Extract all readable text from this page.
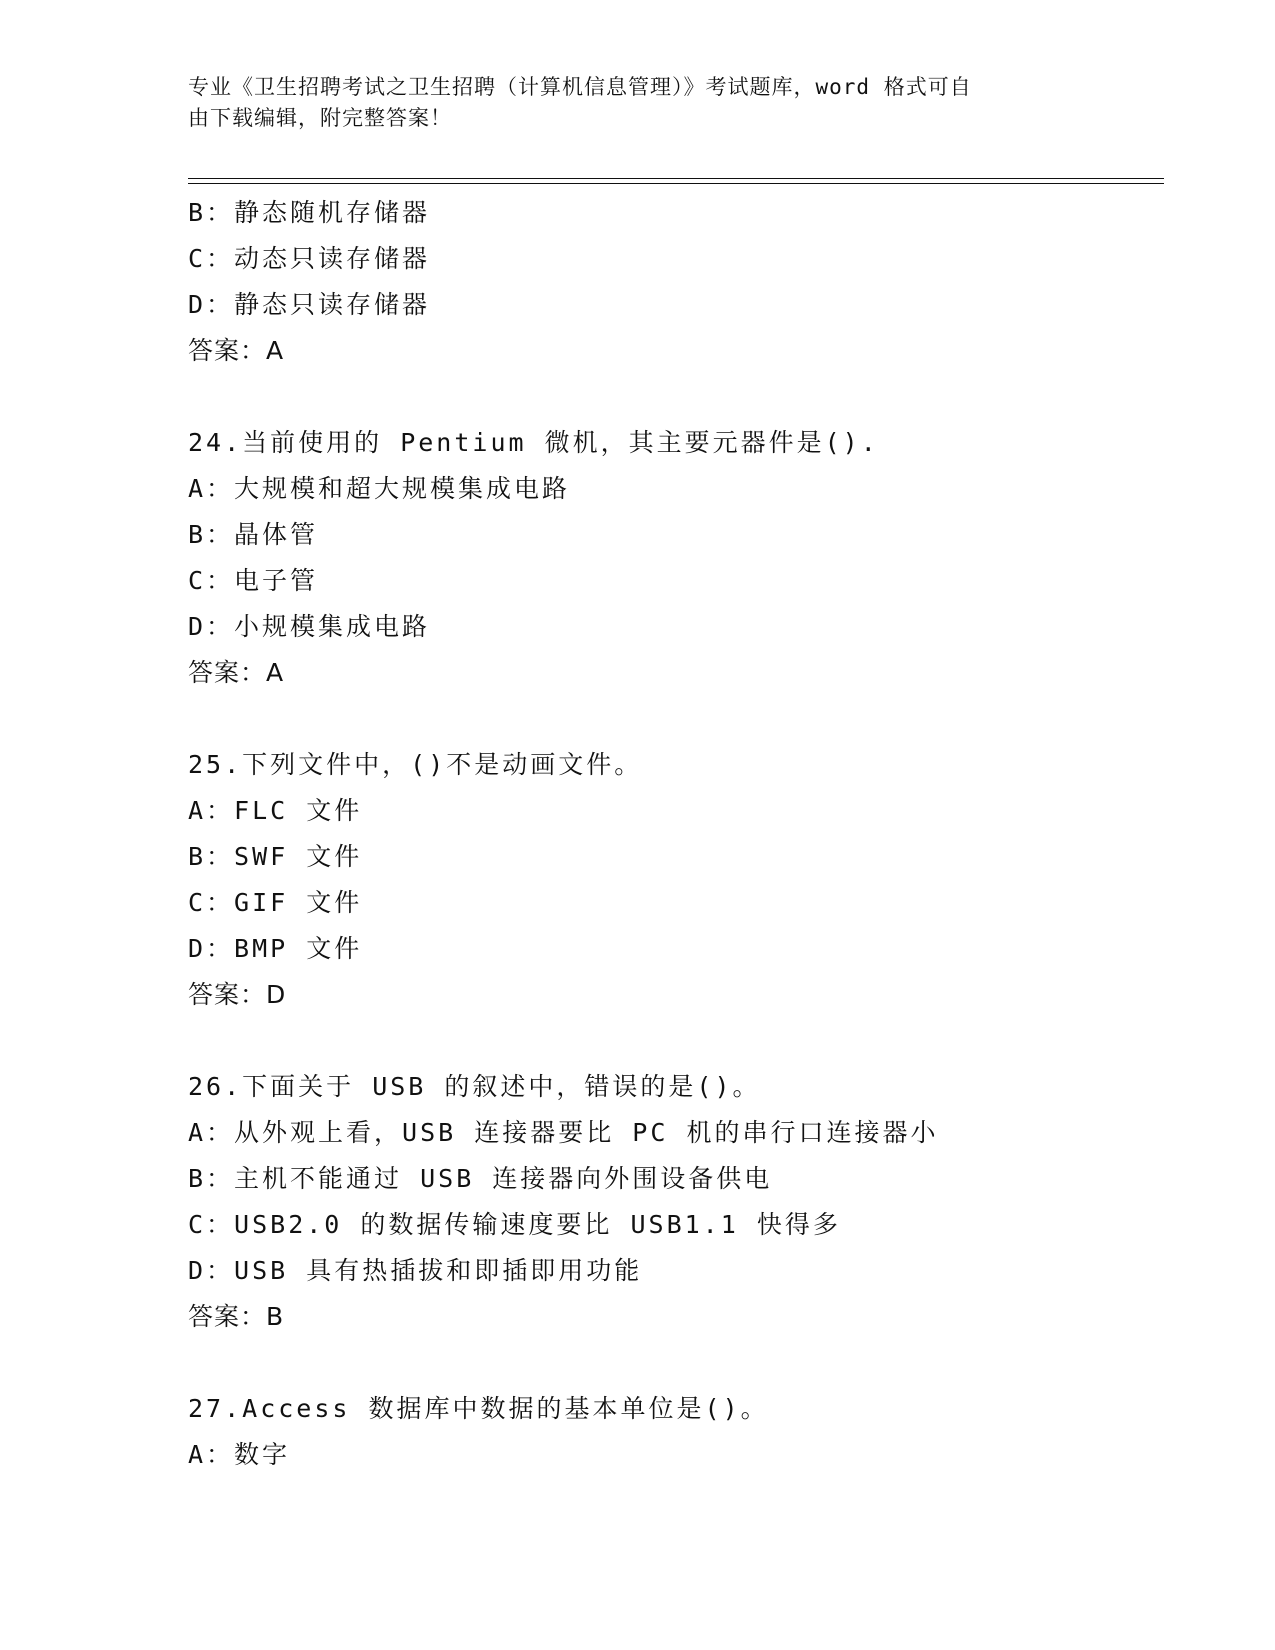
专业《卫生招聘考试之卫生招聘（计算机信息管理）》考试题库，word 格式可自
由下载编辑，附完整答案！
B：静态随机存储器
C：动态只读存储器
D：静态只读存储器
答案：A
24.当前使用的 Pentium 微机，其主要元器件是().
A：大规模和超大规模集成电路
B：晶体管
C：电子管
D：小规模集成电路
答案：A
25.下列文件中，()不是动画文件。
A：FLC 文件
B：SWF 文件
C：GIF 文件
D：BMP 文件
答案：D
26.下面关于 USB 的叙述中，错误的是()。
A：从外观上看，USB 连接器要比 PC 机的串行口连接器小
B：主机不能通过 USB 连接器向外围设备供电
C：USB2.0 的数据传输速度要比 USB1.1 快得多
D：USB 具有热插拔和即插即用功能
答案：B
27.Access 数据库中数据的基本单位是()。
A：数字
